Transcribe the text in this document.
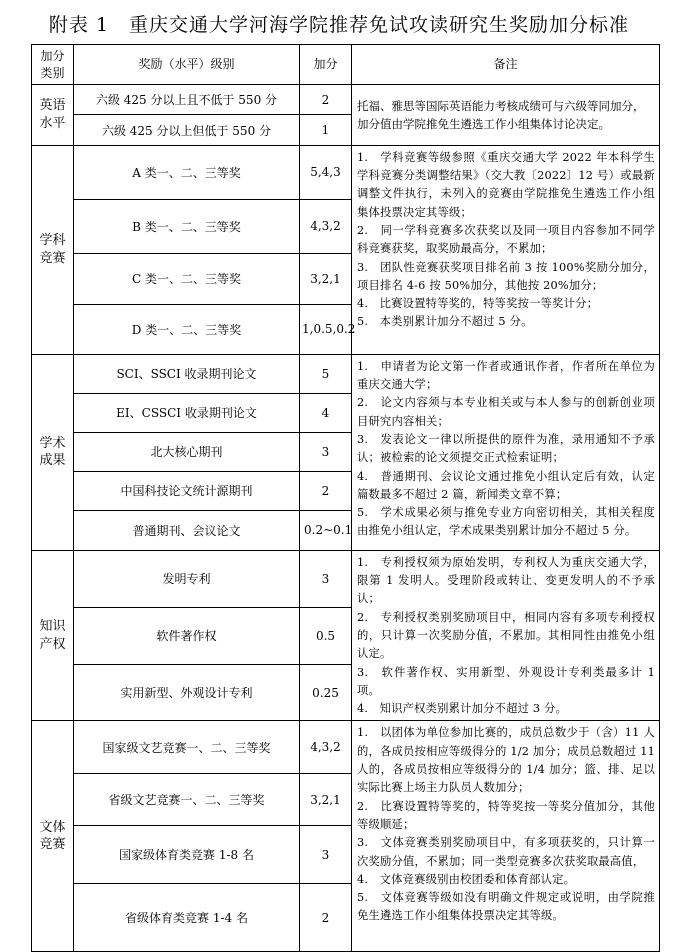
附表 1　重庆交通大学河海学院推荐免试攻读研究生奖励加分标准
加分类别	奖励（水平）级别	加分	备注
英语水平	六级 425 分以上且不低于 550 分	2	托福、雅思等国际英语能力考核成绩可与六级等同加分，加分值由学院推免生遴选工作小组集体讨论决定。

	六级 425 分以上但低于 550 分	1	
学科竞赛	A 类一、二、三等奖	5,4,3	1.　学科竞赛等级参照《重庆交通大学 2022 年本科学生学科竞赛分类调整结果》（交大教〔2022〕12 号）或最新调整文件执行，未列入的竞赛由学院推免生遴选工作小组集体投票决定其等级；

2.　同一学科竞赛多次获奖以及同一项目内容参加不同学科竞赛获奖，取奖励最高分，不累加；

3.　团队性竞赛获奖项目排名前 3 按 100%奖励分加分，项目排名 4-6 按 50%加分，其他按 20%加分；

4.　比赛设置特等奖的，特等奖按一等奖计分；

5.　本类别累计加分不超过 5 分。

	B 类一、二、三等奖	4,3,2	
	C 类一、二、三等奖	3,2,1	
	D 类一、二、三等奖	1,0.5,0.2	
学术成果	SCI、SSCI 收录期刊论文	5	1.　申请者为论文第一作者或通讯作者，作者所在单位为重庆交通大学；

2.　论文内容须与本专业相关或与本人参与的创新创业项目研究内容相关；

3.　发表论文一律以所提供的原件为准，录用通知不予承认；被检索的论文须提交正式检索证明；

4.　普通期刊、会议论文通过推免小组认定后有效，认定篇数最多不超过 2 篇，新闻类文章不算；

5.　学术成果必须与推免专业方向密切相关，其相关程度由推免小组认定，学术成果类别累计加分不超过 5 分。

	EI、CSSCI 收录期刊论文	4	
	北大核心期刊	3	
	中国科技论文统计源期刊	2	
	普通期刊、会议论文	0.2~0.1	
知识产权	发明专利	3	1.　专利授权须为原始发明，专利权人为重庆交通大学，限第 1 发明人。受理阶段或转让、变更发明人的不予承认；

2.　专利授权类别奖励项目中，相同内容有多项专利授权的，只计算一次奖励分值，不累加。其相同性由推免小组认定。

3.　软件著作权、实用新型、外观设计专利类最多计 1 项。

4.　知识产权类别累计加分不超过 3 分。

	软件著作权	0.5	
	实用新型、外观设计专利	0.25	
文体竞赛	国家级文艺竞赛一、二、三等奖	4,3,2	1.　以团体为单位参加比赛的，成员总数少于（含）11 人的，各成员按相应等级得分的 1/2 加分；成员总数超过 11 人的，各成员按相应等级得分的 1/4 加分；篮、排、足以实际比赛上场主力队员人数加分；

2.　比赛设置特等奖的，特等奖按一等奖分值加分，其他等级顺延；

3.　文体竞赛类别奖励项目中，有多项获奖的，只计算一次奖励分值，不累加；同一类型竞赛多次获奖取最高值，

4.　文体竞赛级别由校团委和体育部认定。

5.　文体竞赛等级如没有明确文件规定或说明，由学院推免生遴选工作小组集体投票决定其等级。

	省级文艺竞赛一、二、三等奖	3,2,1	
	国家级体育类竞赛 1-8 名	3	
	省级体育类竞赛 1-4 名	2	
